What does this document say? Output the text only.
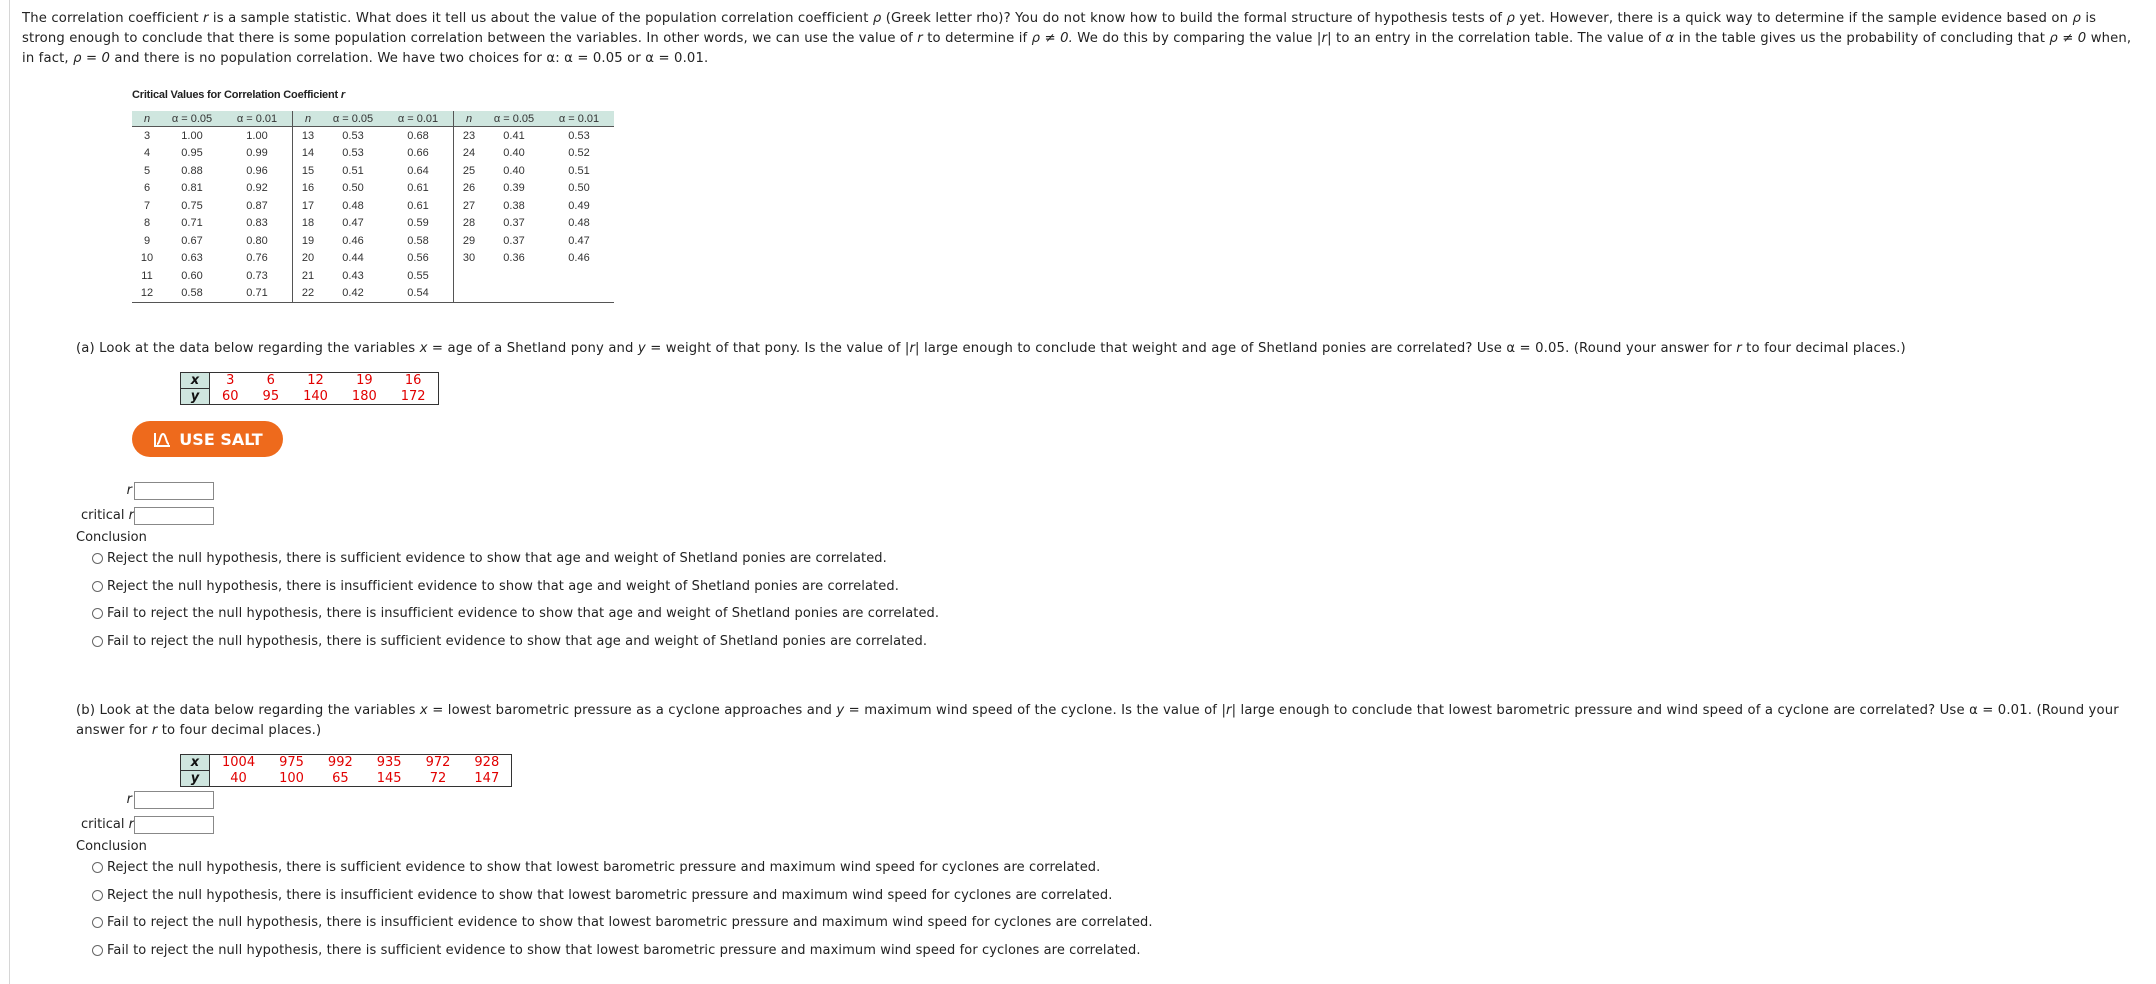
The correlation coefficient r is a sample statistic. What does it tell us about the value of the population correlation coefficient ρ (Greek letter rho)? You do not know how to build the formal structure of hypothesis tests of ρ yet. However, there is a quick way to determine if the sample evidence based on ρ is strong enough to conclude that there is some population correlation between the variables. In other words, we can use the value of r to determine if ρ ≠ 0. We do this by comparing the value |r| to an entry in the correlation table. The value of α in the table gives us the probability of concluding that ρ ≠ 0 when, in fact, ρ = 0 and there is no population correlation. We have two choices for α: α = 0.05 or α = 0.01.
Critical Values for Correlation Coefficient r
n	α = 0.05	α = 0.01	n	α = 0.05	α = 0.01	n	α = 0.05	α = 0.01
3	1.00	1.00	13	0.53	0.68	23	0.41	0.53
4	0.95	0.99	14	0.53	0.66	24	0.40	0.52
5	0.88	0.96	15	0.51	0.64	25	0.40	0.51
6	0.81	0.92	16	0.50	0.61	26	0.39	0.50
7	0.75	0.87	17	0.48	0.61	27	0.38	0.49
8	0.71	0.83	18	0.47	0.59	28	0.37	0.48
9	0.67	0.80	19	0.46	0.58	29	0.37	0.47
10	0.63	0.76	20	0.44	0.56	30	0.36	0.46
11	0.60	0.73	21	0.43	0.55			
12	0.58	0.71	22	0.42	0.54			
(a) Look at the data below regarding the variables x = age of a Shetland pony and y = weight of that pony. Is the value of |r| large enough to conclude that weight and age of Shetland ponies are correlated? Use α = 0.05. (Round your answer for r to four decimal places.)
x	3	6	12	19	16
y	60	95	140	180	172
USE SALT
r
critical r
Conclusion
Reject the null hypothesis, there is sufficient evidence to show that age and weight of Shetland ponies are correlated.
Reject the null hypothesis, there is insufficient evidence to show that age and weight of Shetland ponies are correlated.
Fail to reject the null hypothesis, there is insufficient evidence to show that age and weight of Shetland ponies are correlated.
Fail to reject the null hypothesis, there is sufficient evidence to show that age and weight of Shetland ponies are correlated.
(b) Look at the data below regarding the variables x = lowest barometric pressure as a cyclone approaches and y = maximum wind speed of the cyclone. Is the value of |r| large enough to conclude that lowest barometric pressure and wind speed of a cyclone are correlated? Use α = 0.01. (Round your answer for r to four decimal places.)
x	1004	975	992	935	972	928
y	40	100	65	145	72	147
r
critical r
Conclusion
Reject the null hypothesis, there is sufficient evidence to show that lowest barometric pressure and maximum wind speed for cyclones are correlated.
Reject the null hypothesis, there is insufficient evidence to show that lowest barometric pressure and maximum wind speed for cyclones are correlated.
Fail to reject the null hypothesis, there is insufficient evidence to show that lowest barometric pressure and maximum wind speed for cyclones are correlated.
Fail to reject the null hypothesis, there is sufficient evidence to show that lowest barometric pressure and maximum wind speed for cyclones are correlated.
